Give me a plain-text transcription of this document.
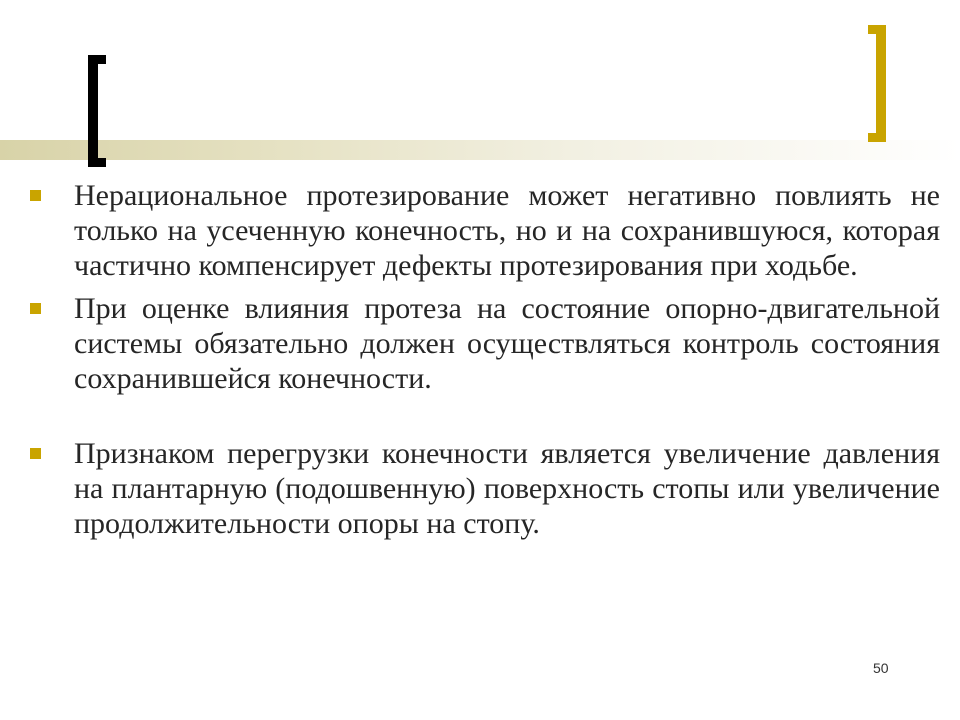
Нерациональное протезирование может негативно повлиять не только на усеченную конечность, но и на сохранившуюся, которая частично компенсирует дефекты протезирования при ходьбе.
При оценке влияния протеза на состояние опорно-двигательной системы обязательно должен осуществляться контроль состояния сохранившейся конечности.
Признаком перегрузки конечности является увеличение давления на плантарную (подошвенную) поверхность стопы или увеличение продолжительности опоры на стопу.
50
